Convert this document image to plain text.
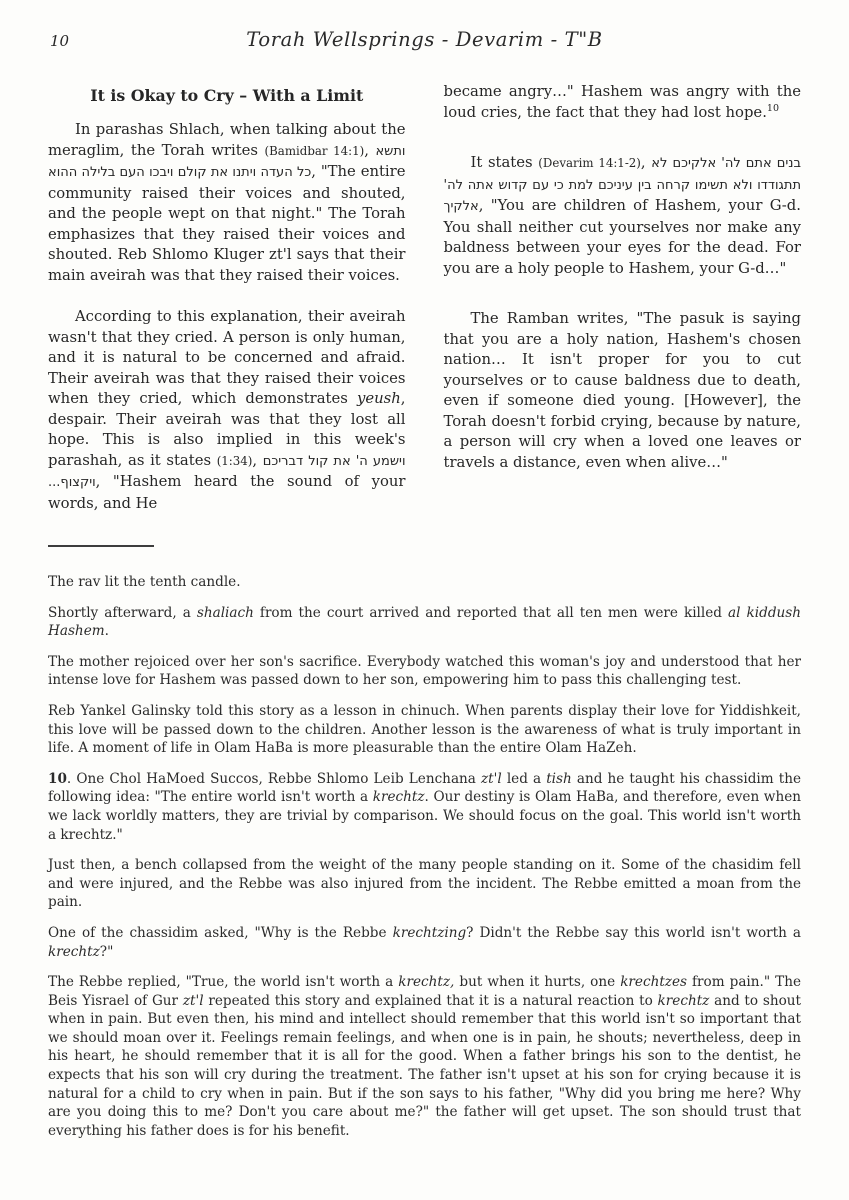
10	Torah Wellsprings - Devarim - T"B
It is Okay to Cry – With a Limit

In parashas Shlach, when talking about the meraglim, the Torah writes (Bamidbar 14:1), ותשא כל העדה ויתנו את קולם ויבכו העם בלילה ההוא, "The entire community raised their voices and shouted, and the people wept on that night." The Torah emphasizes that they raised their voices and shouted. Reb Shlomo Kluger zt'l says that their main aveirah was that they raised their voices.

According to this explanation, their aveirah wasn't that they cried. A person is only human, and it is natural to be concerned and afraid. Their aveirah was that they raised their voices when they cried, which demonstrates yeush, despair. Their aveirah was that they lost all hope. This is also implied in this week's parashah, as it states (1:34), וישמע ה' את קול דבריכם ויקצוף..., "Hashem heard the sound of your words, and He

became angry…" Hashem was angry with the loud cries, the fact that they had lost hope.$^{10}$

It states (Devarim 14:1-2), בנים אתם לה' אלקיכם לא תתגודדו ולא תשימו קרחה בין עיניכם למת כי עם קדוש אתה לה' אלקיך, "You are children of Hashem, your G-d. You shall neither cut yourselves nor make any baldness between your eyes for the dead. For you are a holy people to Hashem, your G-d…"

The Ramban writes, "The pasuk is saying that you are a holy nation, Hashem's chosen nation… It isn't proper for you to cut yourselves or to cause baldness due to death, even if someone died young. [However], the Torah doesn't forbid crying, because by nature, a person will cry when a loved one leaves or travels a distance, even when alive…"

The rav lit the tenth candle.

Shortly afterward, a shaliach from the court arrived and reported that all ten men were killed al kiddush Hashem.

The mother rejoiced over her son's sacrifice. Everybody watched this woman's joy and understood that her intense love for Hashem was passed down to her son, empowering him to pass this challenging test.

Reb Yankel Galinsky told this story as a lesson in chinuch. When parents display their love for Yiddishkeit, this love will be passed down to the children. Another lesson is the awareness of what is truly important in life. A moment of life in Olam HaBa is more pleasurable than the entire Olam HaZeh.

10. One Chol HaMoed Succos, Rebbe Shlomo Leib Lenchana zt'l led a tish and he taught his chassidim the following idea: "The entire world isn't worth a krechtz. Our destiny is Olam HaBa, and therefore, even when we lack worldly matters, they are trivial by comparison. We should focus on the goal. This world isn't worth a krechtz."

Just then, a bench collapsed from the weight of the many people standing on it. Some of the chasidim fell and were injured, and the Rebbe was also injured from the incident. The Rebbe emitted a moan from the pain.

One of the chassidim asked, "Why is the Rebbe krechtzing? Didn't the Rebbe say this world isn't worth a krechtz?"

The Rebbe replied, "True, the world isn't worth a krechtz, but when it hurts, one krechtzes from pain." The Beis Yisrael of Gur zt'l repeated this story and explained that it is a natural reaction to krechtz and to shout when in pain. But even then, his mind and intellect should remember that this world isn't so important that we should moan over it. Feelings remain feelings, and when one is in pain, he shouts; nevertheless, deep in his heart, he should remember that it is all for the good. When a father brings his son to the dentist, he expects that his son will cry during the treatment. The father isn't upset at his son for crying because it is natural for a child to cry when in pain. But if the son says to his father, "Why did you bring me here? Why are you doing this to me? Don't you care about me?" the father will get upset. The son should trust that everything his father does is for his benefit.
